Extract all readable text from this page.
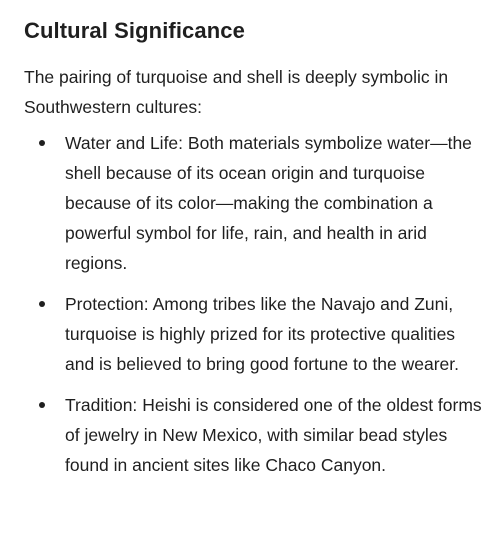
Cultural Significance

The pairing of turquoise and shell is deeply symbolic in Southwestern cultures:

Water and Life: Both materials symbolize water—the shell because of its ocean origin and turquoise because of its color—making the combination a powerful symbol for life, rain, and health in arid regions.
Protection: Among tribes like the Navajo and Zuni, turquoise is highly prized for its protective qualities and is believed to bring good fortune to the wearer.
Tradition: Heishi is considered one of the oldest forms of jewelry in New Mexico, with similar bead styles found in ancient sites like Chaco Canyon.
